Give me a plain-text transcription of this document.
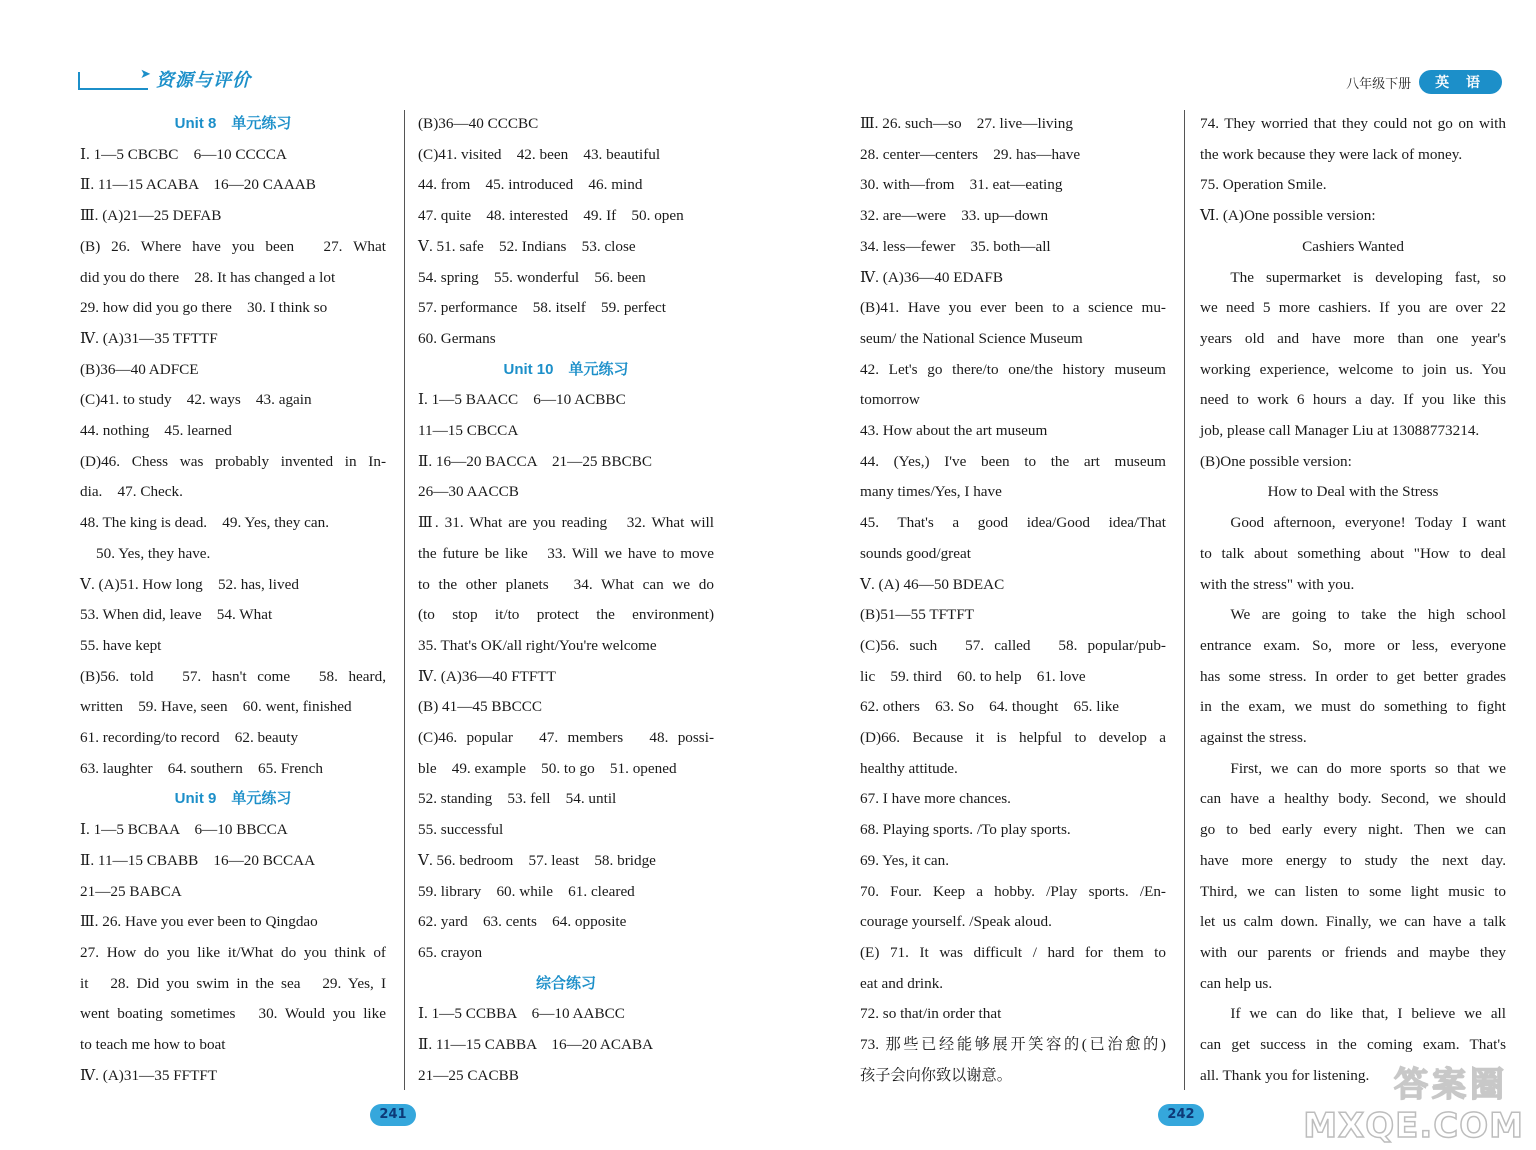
➤ 资源与评价
Unit 8　单元练习
Ⅰ. 1—5 CBCBC　6—10 CCCCA
Ⅱ. 11—15 ACABA　16—20 CAAAB
Ⅲ. (A)21—25 DEFAB
(B) 26. Where have you been　27. What
did you do there　28. It has changed a lot
29. how did you go there　30. I think so
Ⅳ. (A)31—35 TFTTF
(B)36—40 ADFCE
(C)41. to study　42. ways　43. again
44. nothing　45. learned
(D)46. Chess was probably invented in In-
dia.　47. Check.
48. The king is dead.　49. Yes, they can.
50. Yes, they have.
Ⅴ. (A)51. How long　52. has, lived
53. When did, leave　54. What
55. have kept
(B)56. told　57. hasn't come　58. heard,
written　59. Have, seen　60. went, finished
61. recording/to record　62. beauty
63. laughter　64. southern　65. French
Unit 9　单元练习
Ⅰ. 1—5 BCBAA　6—10 BBCCA
Ⅱ. 11—15 CBABB　16—20 BCCAA
21—25 BABCA
Ⅲ. 26. Have you ever been to Qingdao
27. How do you like it/What do you think of
it　28. Did you swim in the sea　29. Yes, I
went boating sometimes　30. Would you like
to teach me how to boat
Ⅳ. (A)31—35 FFTFT
(B)36—40 CCCBC
(C)41. visited　42. been　43. beautiful
44. from　45. introduced　46. mind
47. quite　48. interested　49. If　50. open
Ⅴ. 51. safe　52. Indians　53. close
54. spring　55. wonderful　56. been
57. performance　58. itself　59. perfect
60. Germans
Unit 10　单元练习
Ⅰ. 1—5 BAACC　6—10 ACBBC
11—15 CBCCA
Ⅱ. 16—20 BACCA　21—25 BBCBC
26—30 AACCB
Ⅲ. 31. What are you reading　32. What will
the future be like　33. Will we have to move
to the other planets　34. What can we do
(to stop it/to protect the environment)
35. That's OK/all right/You're welcome
Ⅳ. (A)36—40 FTFTT
(B) 41—45 BBCCC
(C)46. popular　47. members　48. possi-
ble　49. example　50. to go　51. opened
52. standing　53. fell　54. until
55. successful
Ⅴ. 56. bedroom　57. least　58. bridge
59. library　60. while　61. cleared
62. yard　63. cents　64. opposite
65. crayon
综合练习
Ⅰ. 1—5 CCBBA　6—10 AABCC
Ⅱ. 11—15 CABBA　16—20 ACABA
21—25 CACBB
241
八年级下册	英 语
Ⅲ. 26. such—so　27. live—living
28. center—centers　29. has—have
30. with—from　31. eat—eating
32. are—were　33. up—down
34. less—fewer　35. both—all
Ⅳ. (A)36—40 EDAFB
(B)41. Have you ever been to a science mu-
seum/ the National Science Museum
42. Let's go there/to one/the history museum
tomorrow
43. How about the art museum
44. (Yes,) I've been to the art museum
many times/Yes, I have
45. That's a good idea/Good idea/That
sounds good/great
Ⅴ. (A) 46—50 BDEAC
(B)51—55 TFTFT
(C)56. such　57. called　58. popular/pub-
lic　59. third　60. to help　61. love
62. others　63. So　64. thought　65. like
(D)66. Because it is helpful to develop a
healthy attitude.
67. I have more chances.
68. Playing sports. /To play sports.
69. Yes, it can.
70. Four. Keep a hobby. /Play sports. /En-
courage yourself. /Speak aloud.
(E) 71. It was difficult / hard for them to
eat and drink.
72. so that/in order that
73. 那些已经能够展开笑容的(已治愈的)
孩子会向你致以谢意。
74. They worried that they could not go on with
the work because they were lack of money.
75. Operation Smile.
Ⅵ. (A)One possible version:
Cashiers Wanted
The supermarket is developing fast, so
we need 5 more cashiers. If you are over 22
years old and have more than one year's
working experience, welcome to join us. You
need to work 6 hours a day. If you like this
job, please call Manager Liu at 13088773214.
(B)One possible version:
How to Deal with the Stress
Good afternoon, everyone! Today I want
to talk about something about "How to deal
with the stress" with you.
We are going to take the high school
entrance exam. So, more or less, everyone
has some stress. In order to get better grades
in the exam, we must do something to fight
against the stress.
First, we can do more sports so that we
can have a healthy body. Second, we should
go to bed early every night. Then we can
have more energy to study the next day.
Third, we can listen to some light music to
let us calm down. Finally, we can have a talk
with our parents or friends and maybe they
can help us.
If we can do like that, I believe we all
can get success in the coming exam. That's
all. Thank you for listening.
242
答案圈
MXQE.COM
